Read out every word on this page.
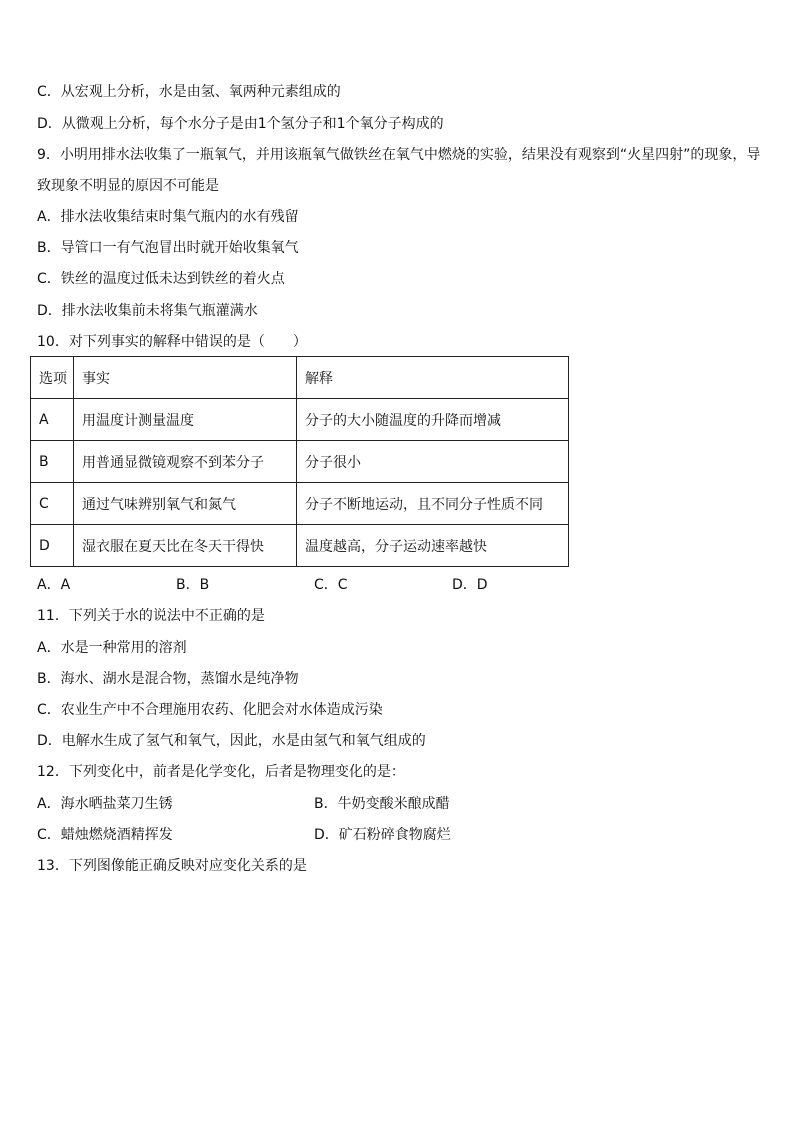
C．从宏观上分析，水是由氢、氧两种元素组成的
D．从微观上分析，每个水分子是由1个氢分子和1个氧分子构成的
9．小明用排水法收集了一瓶氧气，并用该瓶氧气做铁丝在氧气中燃烧的实验，结果没有观察到“火星四射”的现象，导
致现象不明显的原因不可能是
A．排水法收集结束时集气瓶内的水有残留
B．导管口一有气泡冒出时就开始收集氧气
C．铁丝的温度过低未达到铁丝的着火点
D．排水法收集前未将集气瓶灌满水
10．对下列事实的解释中错误的是（　　）
选项	事实	解释
A	用温度计测量温度	分子的大小随温度的升降而增减
B	用普通显微镜观察不到苯分子	分子很小
C	通过气味辨别氧气和氮气	分子不断地运动，且不同分子性质不同
D	湿衣服在夏天比在冬天干得快	温度越高，分子运动速率越快
A．A	B．B	C．C	D．D
11．下列关于水的说法中不正确的是
A．水是一种常用的溶剂
B．海水、湖水是混合物，蒸馏水是纯净物
C．农业生产中不合理施用农药、化肥会对水体造成污染
D．电解水生成了氢气和氧气，因此，水是由氢气和氧气组成的
12．下列变化中，前者是化学变化，后者是物理变化的是：
A．海水晒盐菜刀生锈	B．牛奶变酸米酿成醋
C．蜡烛燃烧酒精挥发	D．矿石粉碎食物腐烂
13．下列图像能正确反映对应变化关系的是
